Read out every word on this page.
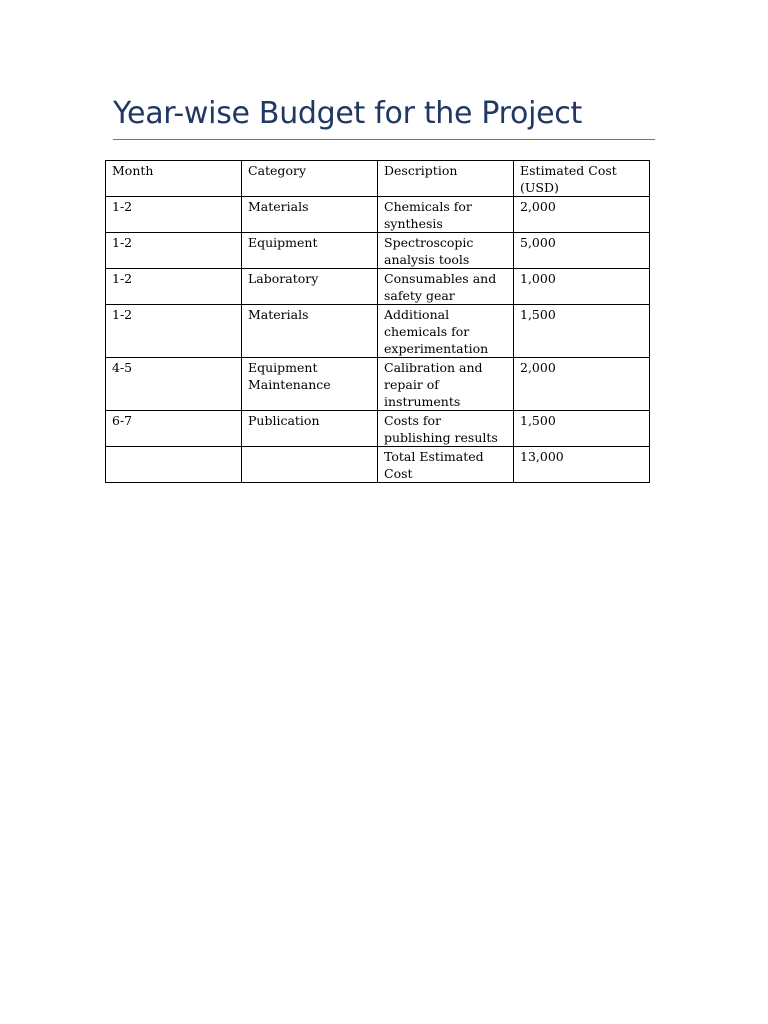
Year-wise Budget for the Project
Month	Category	Description	Estimated Cost (USD)
1-2	Materials	Chemicals for synthesis	2,000
1-2	Equipment	Spectroscopic analysis tools	5,000
1-2	Laboratory	Consumables and safety gear	1,000
1-2	Materials	Additional chemicals for experimentation	1,500
4-5	Equipment Maintenance	Calibration and repair of instruments	2,000
6-7	Publication	Costs for publishing results	1,500
		Total Estimated Cost	13,000
